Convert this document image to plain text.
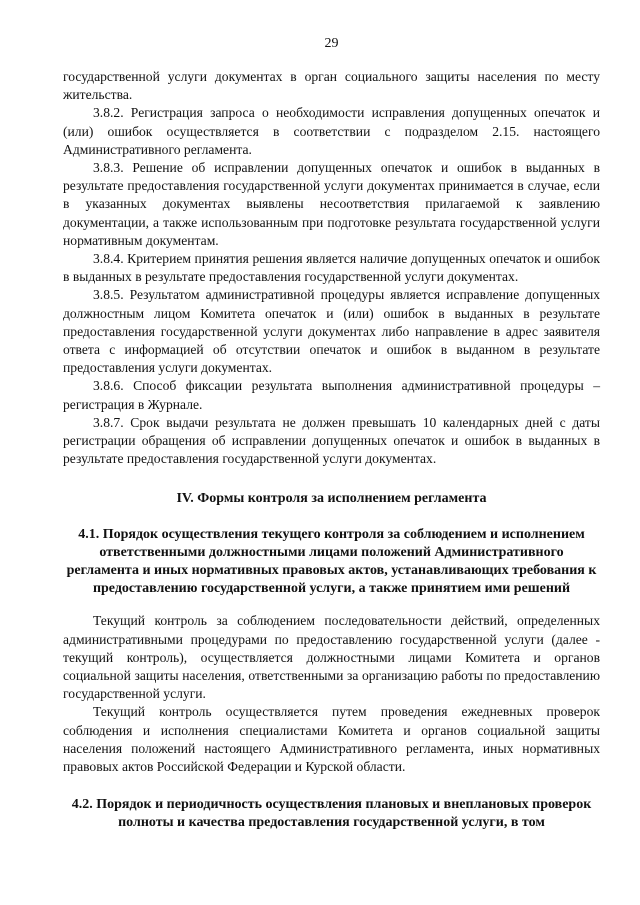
29

государственной услуги документах в орган социального защиты населения по месту жительства.

3.8.2. Регистрация запроса о необходимости исправления допущенных опечаток и (или) ошибок осуществляется в соответствии с подразделом 2.15. настоящего Административного регламента.

3.8.3. Решение об исправлении допущенных опечаток и ошибок в выданных в результате предоставления государственной услуги документах принимается в случае, если в указанных документах выявлены несоответствия прилагаемой к заявлению документации, а также использованным при подготовке результата государственной услуги нормативным документам.

3.8.4. Критерием принятия решения является наличие допущенных опечаток и ошибок в выданных в результате предоставления государственной услуги документах.

3.8.5. Результатом административной процедуры является исправление допущенных должностным лицом Комитета опечаток и (или) ошибок в выданных в результате предоставления государственной услуги документах либо направление в адрес заявителя ответа с информацией об отсутствии опечаток и ошибок в выданном в результате предоставления услуги документах.

3.8.6. Способ фиксации результата выполнения административной процедуры – регистрация в Журнале.

3.8.7. Срок выдачи результата не должен превышать 10 календарных дней с даты регистрации обращения об исправлении допущенных опечаток и ошибок в выданных в результате предоставления государственной услуги документах.

IV. Формы контроля за исполнением регламента
4.1. Порядок осуществления текущего контроля за соблюдением и исполнением ответственными должностными лицами положений Административного регламента и иных нормативных правовых актов, устанавливающих требования к предоставлению государственной услуги, а также принятием ими решений

Текущий контроль за соблюдением последовательности действий, определенных административными процедурами по предоставлению государственной услуги (далее - текущий контроль), осуществляется должностными лицами Комитета и органов социальной защиты населения, ответственными за организацию работы по предоставлению государственной услуги.

Текущий контроль осуществляется путем проведения ежедневных проверок соблюдения и исполнения специалистами Комитета и органов социальной защиты населения положений настоящего Административного регламента, иных нормативных правовых актов Российской Федерации и Курской области.

4.2. Порядок и периодичность осуществления плановых и внеплановых проверок полноты и качества предоставления государственной услуги, в том
